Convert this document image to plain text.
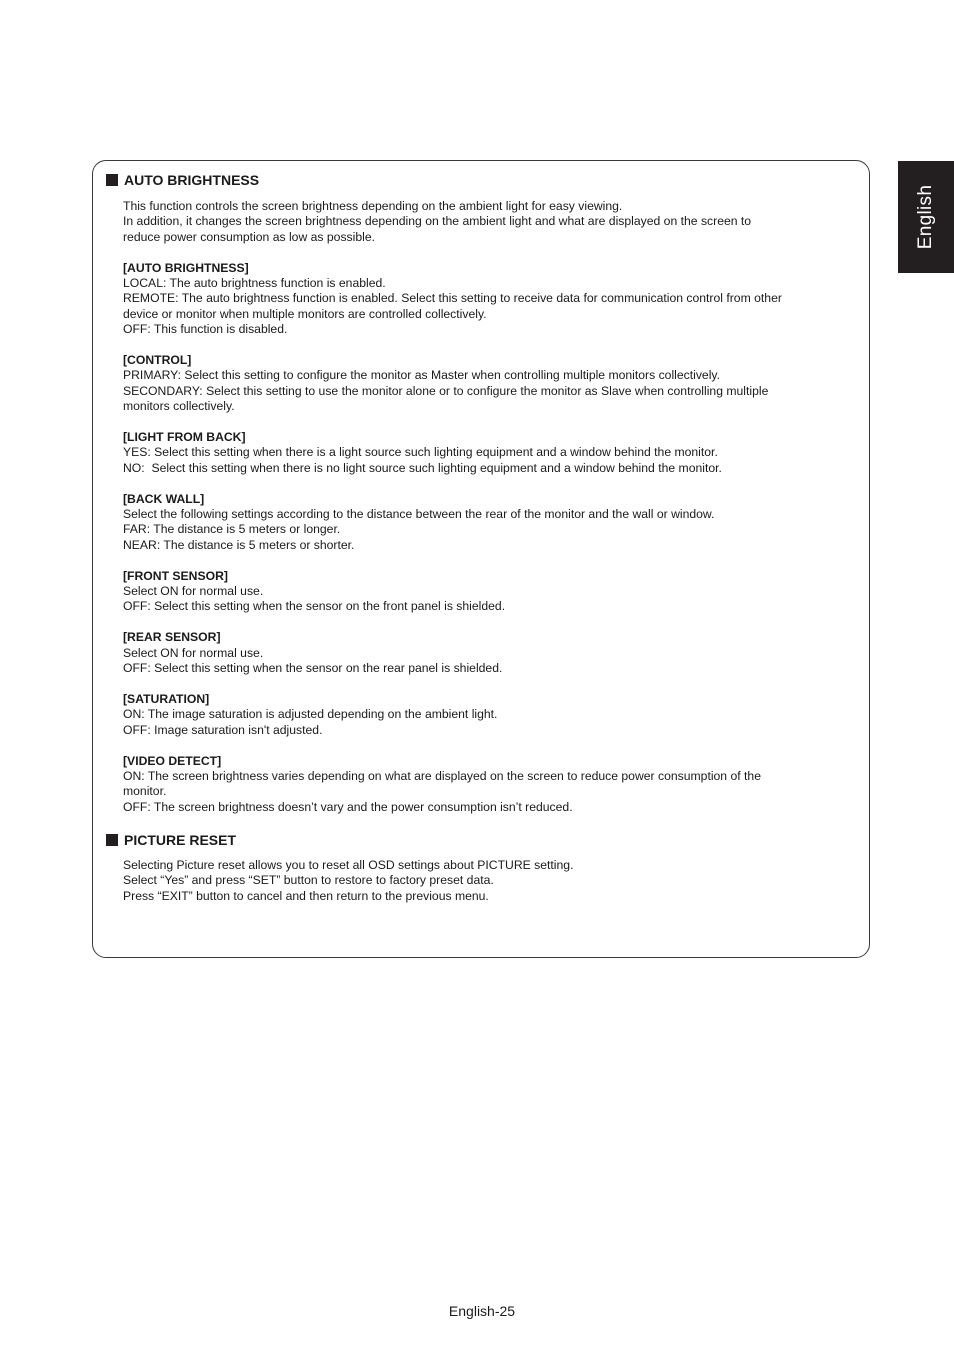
English
AUTO BRIGHTNESS

This function controls the screen brightness depending on the ambient light for easy viewing.

In addition, it changes the screen brightness depending on the ambient light and what are displayed on the screen to

reduce power consumption as low as possible.

[AUTO BRIGHTNESS]

LOCAL: The auto brightness function is enabled.

REMOTE: The auto brightness function is enabled. Select this setting to receive data for communication control from other

device or monitor when multiple monitors are controlled collectively.

OFF: This function is disabled.

[CONTROL]

PRIMARY: Select this setting to configure the monitor as Master when controlling multiple monitors collectively.

SECONDARY: Select this setting to use the monitor alone or to configure the monitor as Slave when controlling multiple

monitors collectively.

[LIGHT FROM BACK]

YES: Select this setting when there is a light source such lighting equipment and a window behind the monitor.

NO:  Select this setting when there is no light source such lighting equipment and a window behind the monitor.

[BACK WALL]

Select the following settings according to the distance between the rear of the monitor and the wall or window.

FAR: The distance is 5 meters or longer.

NEAR: The distance is 5 meters or shorter.

[FRONT SENSOR]

Select ON for normal use.

OFF: Select this setting when the sensor on the front panel is shielded.

[REAR SENSOR]

Select ON for normal use.

OFF: Select this setting when the sensor on the rear panel is shielded.

[SATURATION]

ON: The image saturation is adjusted depending on the ambient light.

OFF: Image saturation isn't adjusted.

[VIDEO DETECT]

ON: The screen brightness varies depending on what are displayed on the screen to reduce power consumption of the

monitor.

OFF: The screen brightness doesn’t vary and the power consumption isn’t reduced.

PICTURE RESET

Selecting Picture reset allows you to reset all OSD settings about PICTURE setting.

Select “Yes” and press “SET” button to restore to factory preset data.

Press “EXIT” button to cancel and then return to the previous menu.

English-25
